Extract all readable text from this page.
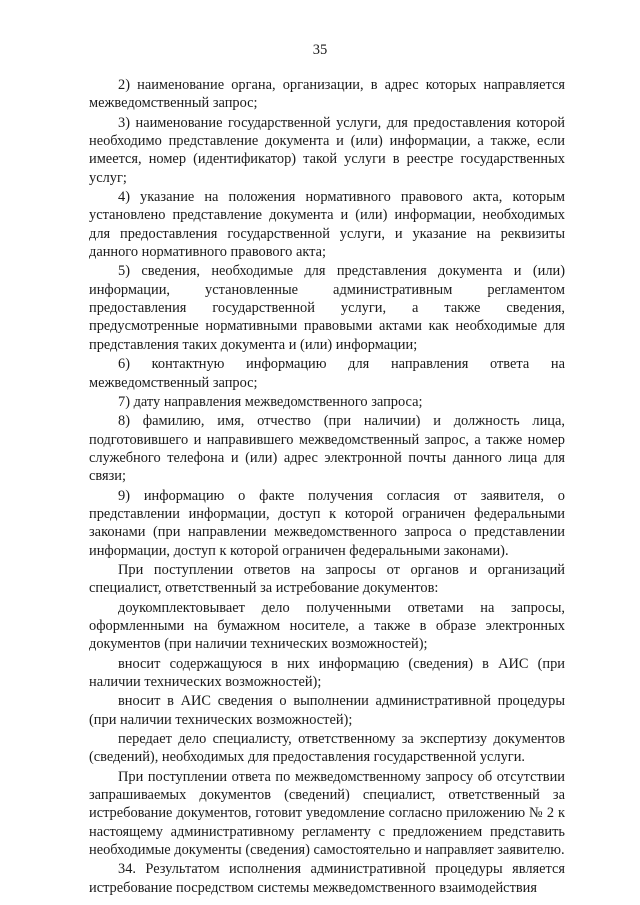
35

2) наименование органа, организации, в адрес которых направляется межведомственный запрос;

3) наименование государственной услуги, для предоставления которой необходимо представление документа и (или) информации, а также, если имеется, номер (идентификатор) такой услуги в реестре государственных услуг;

4) указание на положения нормативного правового акта, которым установлено представление документа и (или) информации, необходимых для предоставления государственной услуги, и указание на реквизиты данного нормативного правового акта;

5) сведения, необходимые для представления документа и (или) информации, установленные административным регламентом предоставления государственной услуги, а также сведения, предусмотренные нормативными правовыми актами как необходимые для представления таких документа и (или) информации;

6) контактную информацию для направления ответа на межведомственный запрос;

7) дату направления межведомственного запроса;

8) фамилию, имя, отчество (при наличии) и должность лица, подготовившего и направившего межведомственный запрос, а также номер служебного телефона и (или) адрес электронной почты данного лица для связи;

9) информацию о факте получения согласия от заявителя, о представлении информации, доступ к которой ограничен федеральными законами (при направлении межведомственного запроса о представлении информации, доступ к которой ограничен федеральными законами).

При поступлении ответов на запросы от органов и организаций специалист, ответственный за истребование документов:

доукомплектовывает дело полученными ответами на запросы, оформленными на бумажном носителе, а также в образе электронных документов (при наличии технических возможностей);

вносит содержащуюся в них информацию (сведения) в АИС (при наличии технических возможностей);

вносит в АИС сведения о выполнении административной процедуры (при наличии технических возможностей);

передает дело специалисту, ответственному за экспертизу документов (сведений), необходимых для предоставления государственной услуги.

При поступлении ответа по межведомственному запросу об отсутствии запрашиваемых документов (сведений) специалист, ответственный за истребование документов, готовит уведомление согласно приложению № 2 к настоящему административному регламенту с предложением представить необходимые документы (сведения) самостоятельно и направляет заявителю.

34. Результатом исполнения административной процедуры является истребование посредством системы межведомственного взаимодействия
